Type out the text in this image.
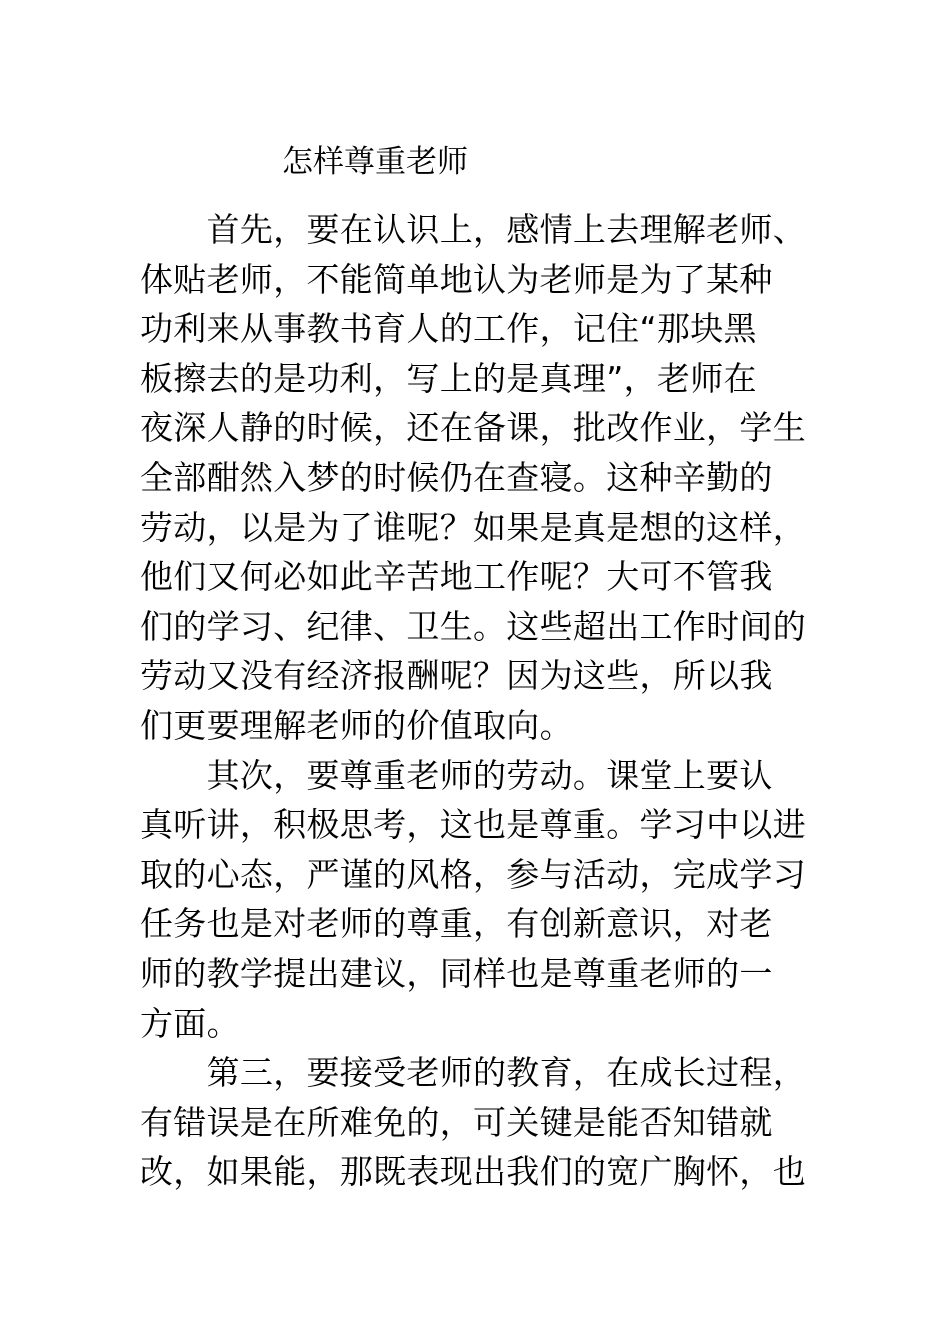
怎样尊重老师
　　首先，要在认识上，感情上去理解老师、
体贴老师，不能简单地认为老师是为了某种
功利来从事教书育人的工作，记住“那块黑
板擦去的是功利，写上的是真理”，老师在
夜深人静的时候，还在备课，批改作业，学生
全部酣然入梦的时候仍在查寝。这种辛勤的
劳动，以是为了谁呢？如果是真是想的这样，
他们又何必如此辛苦地工作呢？大可不管我
们的学习、纪律、卫生。这些超出工作时间的
劳动又没有经济报酬呢？因为这些，所以我
们更要理解老师的价值取向。
　　其次，要尊重老师的劳动。课堂上要认
真听讲，积极思考，这也是尊重。学习中以进
取的心态，严谨的风格，参与活动，完成学习
任务也是对老师的尊重，有创新意识，对老
师的教学提出建议，同样也是尊重老师的一
方面。
　　第三，要接受老师的教育，在成长过程，
有错误是在所难免的，可关键是能否知错就
改，如果能，那既表现出我们的宽广胸怀，也
